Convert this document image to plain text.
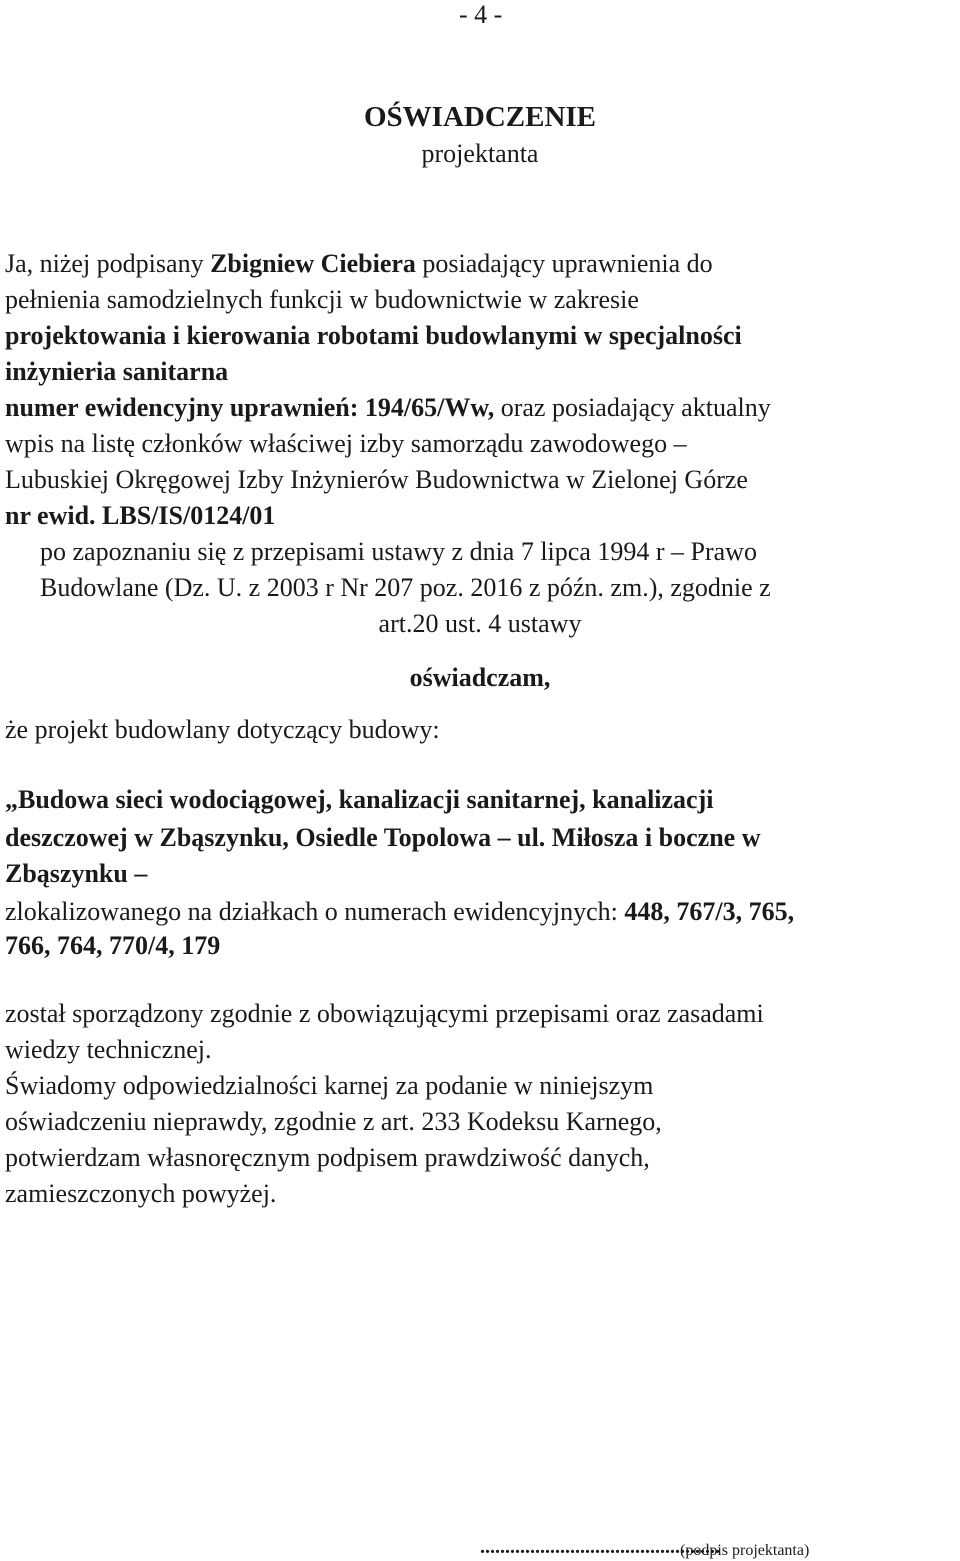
- 4 -
OŚWIADCZENIE
projektanta
Ja, niżej podpisany Zbigniew Ciebiera posiadający uprawnienia do
pełnienia samodzielnych funkcji w budownictwie w zakresie
projektowania i kierowania robotami budowlanymi w specjalności
inżynieria sanitarna
numer ewidencyjny uprawnień: 194/65/Ww, oraz posiadający aktualny
wpis na listę członków właściwej izby samorządu zawodowego –
Lubuskiej Okręgowej Izby Inżynierów Budownictwa w Zielonej Górze
nr ewid. LBS/IS/0124/01
po zapoznaniu się z przepisami ustawy z dnia 7 lipca 1994 r – Prawo
Budowlane (Dz. U. z 2003 r Nr 207 poz. 2016 z późn. zm.), zgodnie z
art.20 ust. 4 ustawy
oświadczam,
że projekt budowlany dotyczący budowy:
„Budowa sieci wodociągowej, kanalizacji sanitarnej, kanalizacji
deszczowej w Zbąszynku, Osiedle Topolowa – ul. Miłosza i boczne w
Zbąszynku –
zlokalizowanego na działkach o numerach ewidencyjnych: 448, 767/3, 765,
766, 764, 770/4, 179
został sporządzony zgodnie z obowiązującymi przepisami oraz zasadami
wiedzy technicznej.
Świadomy odpowiedzialności karnej za podanie w niniejszym
oświadczeniu nieprawdy, zgodnie z art. 233 Kodeksu Karnego,
potwierdzam własnoręcznym podpisem prawdziwość danych,
zamieszczonych powyżej.
................................................
(podpis projektanta)
